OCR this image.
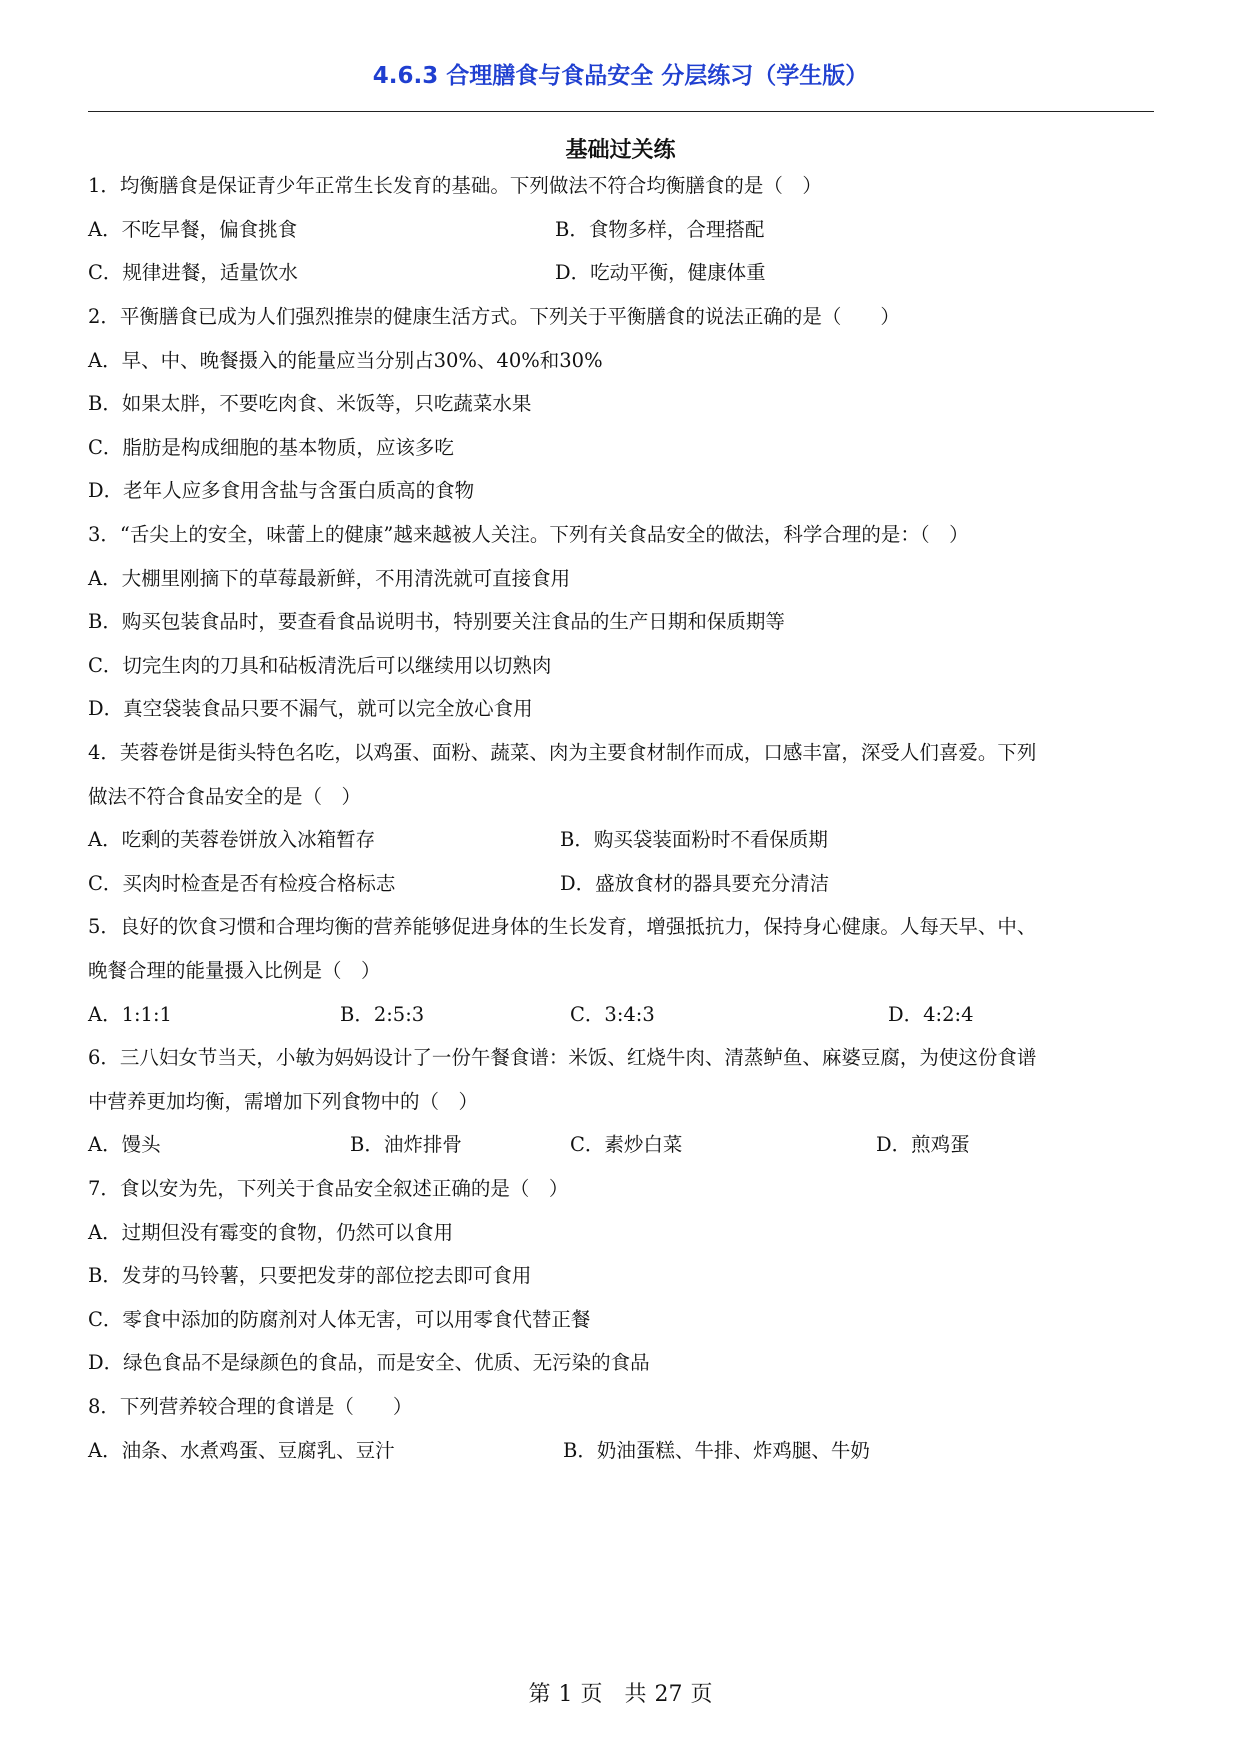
4.6.3 合理膳食与食品安全 分层练习（学生版）
基础过关练
1．均衡膳食是保证青少年正常生长发育的基础。下列做法不符合均衡膳食的是（　）
A．不吃早餐，偏食挑食	B．食物多样，合理搭配
C．规律进餐，适量饮水	D．吃动平衡，健康体重
2．平衡膳食已成为人们强烈推崇的健康生活方式。下列关于平衡膳食的说法正确的是（　　）
A．早、中、晚餐摄入的能量应当分别占30%、40%和30%
B．如果太胖，不要吃肉食、米饭等，只吃蔬菜水果
C．脂肪是构成细胞的基本物质，应该多吃
D．老年人应多食用含盐与含蛋白质高的食物
3．“舌尖上的安全，味蕾上的健康”越来越被人关注。下列有关食品安全的做法，科学合理的是：（　）
A．大棚里刚摘下的草莓最新鲜，不用清洗就可直接食用
B．购买包装食品时，要查看食品说明书，特别要关注食品的生产日期和保质期等
C．切完生肉的刀具和砧板清洗后可以继续用以切熟肉
D．真空袋装食品只要不漏气，就可以完全放心食用
4．芙蓉卷饼是街头特色名吃，以鸡蛋、面粉、蔬菜、肉为主要食材制作而成，口感丰富，深受人们喜爱。下列
做法不符合食品安全的是（　）
A．吃剩的芙蓉卷饼放入冰箱暂存	B．购买袋装面粉时不看保质期
C．买肉时检查是否有检疫合格标志	D．盛放食材的器具要充分清洁
5．良好的饮食习惯和合理均衡的营养能够促进身体的生长发育，增强抵抗力，保持身心健康。人每天早、中、
晚餐合理的能量摄入比例是（　）
A．1:1:1	B．2:5:3	C．3:4:3	D．4:2:4
6．三八妇女节当天，小敏为妈妈设计了一份午餐食谱：米饭、红烧牛肉、清蒸鲈鱼、麻婆豆腐，为使这份食谱
中营养更加均衡，需增加下列食物中的（　）
A．馒头	B．油炸排骨	C．素炒白菜	D．煎鸡蛋
7．食以安为先，下列关于食品安全叙述正确的是（　）
A．过期但没有霉变的食物，仍然可以食用
B．发芽的马铃薯，只要把发芽的部位挖去即可食用
C．零食中添加的防腐剂对人体无害，可以用零食代替正餐
D．绿色食品不是绿颜色的食品，而是安全、优质、无污染的食品
8．下列营养较合理的食谱是（　　）
A．油条、水煮鸡蛋、豆腐乳、豆汁	B．奶油蛋糕、牛排、炸鸡腿、牛奶
第 1 页　共 27 页
